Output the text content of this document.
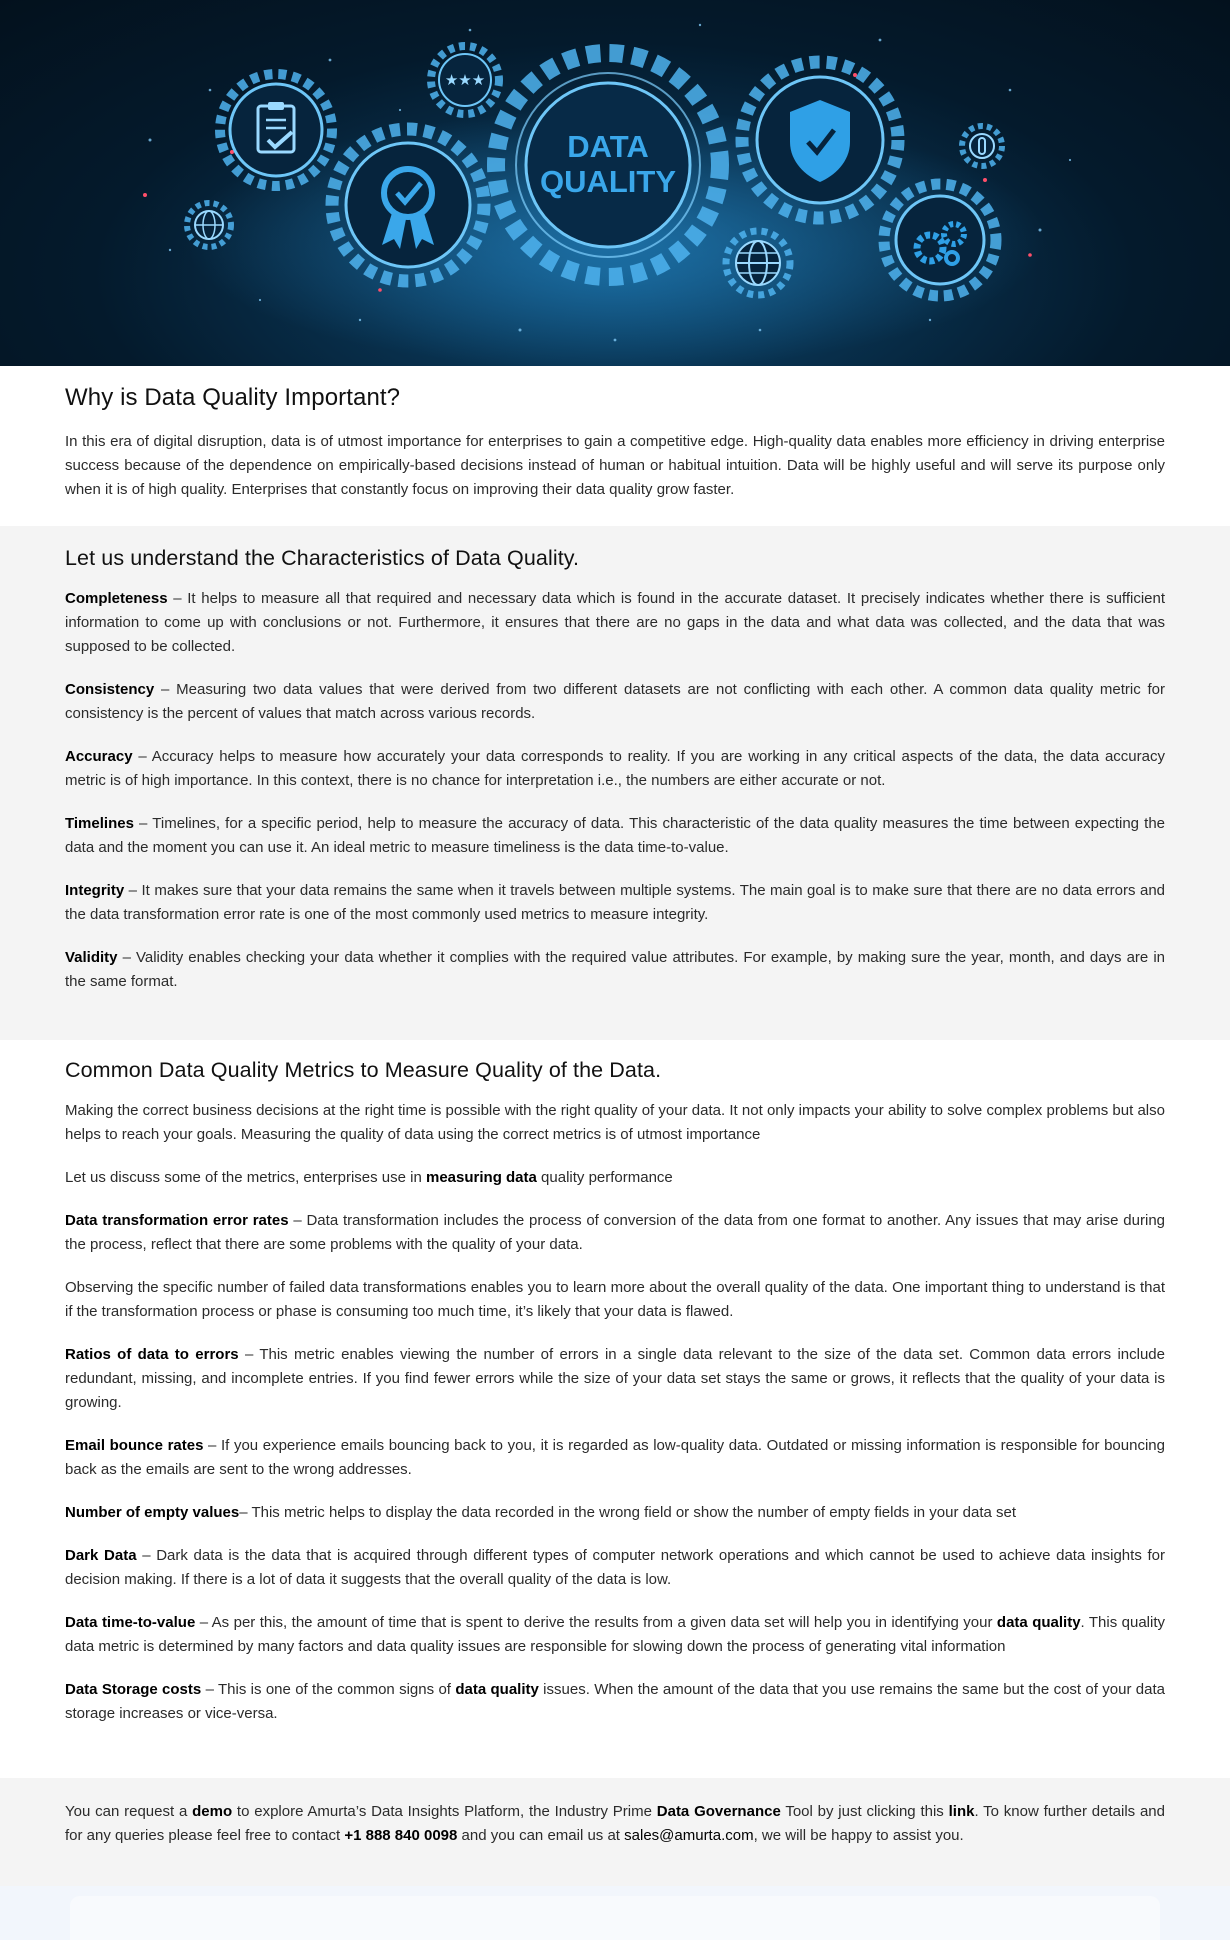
★★★
DATA
QUALITY
Why is Data Quality Important?

In this era of digital disruption, data is of utmost importance for enterprises to gain a competitive edge. High-quality data enables more efficiency in driving enterprise success because of the dependence on empirically-based decisions instead of human or habitual intuition. Data will be highly useful and will serve its purpose only when it is of high quality. Enterprises that constantly focus on improving their data quality grow faster.

Let us understand the Characteristics of Data Quality.

Completeness – It helps to measure all that required and necessary data which is found in the accurate dataset. It precisely indicates whether there is sufficient information to come up with conclusions or not. Furthermore, it ensures that there are no gaps in the data and what data was collected, and the data that was supposed to be collected.

Consistency – Measuring two data values that were derived from two different datasets are not conflicting with each other. A common data quality metric for consistency is the percent of values that match across various records.

Accuracy – Accuracy helps to measure how accurately your data corresponds to reality. If you are working in any critical aspects of the data, the data accuracy metric is of high importance. In this context, there is no chance for interpretation i.e., the numbers are either accurate or not.

Timelines – Timelines, for a specific period, help to measure the accuracy of data. This characteristic of the data quality measures the time between expecting the data and the moment you can use it. An ideal metric to measure timeliness is the data time-to-value.

Integrity – It makes sure that your data remains the same when it travels between multiple systems. The main goal is to make sure that there are no data errors and the data transformation error rate is one of the most commonly used metrics to measure integrity.

Validity – Validity enables checking your data whether it complies with the required value attributes. For example, by making sure the year, month, and days are in the same format.

Common Data Quality Metrics to Measure Quality of the Data.

Making the correct business decisions at the right time is possible with the right quality of your data. It not only impacts your ability to solve complex problems but also helps to reach your goals. Measuring the quality of data using the correct metrics is of utmost importance

Let us discuss some of the metrics, enterprises use in measuring data quality performance

Data transformation error rates – Data transformation includes the process of conversion of the data from one format to another. Any issues that may arise during the process, reflect that there are some problems with the quality of your data.

Observing the specific number of failed data transformations enables you to learn more about the overall quality of the data. One important thing to understand is that if the transformation process or phase is consuming too much time, it’s likely that your data is flawed.

Ratios of data to errors – This metric enables viewing the number of errors in a single data relevant to the size of the data set. Common data errors include redundant, missing, and incomplete entries. If you find fewer errors while the size of your data set stays the same or grows, it reflects that the quality of your data is growing.

Email bounce rates – If you experience emails bouncing back to you, it is regarded as low-quality data. Outdated or missing information is responsible for bouncing back as the emails are sent to the wrong addresses.

Number of empty values– This metric helps to display the data recorded in the wrong field or show the number of empty fields in your data set

Dark Data – Dark data is the data that is acquired through different types of computer network operations and which cannot be used to achieve data insights for decision making. If there is a lot of data it suggests that the overall quality of the data is low.

Data time-to-value – As per this, the amount of time that is spent to derive the results from a given data set will help you in identifying your data quality. This quality data metric is determined by many factors and data quality issues are responsible for slowing down the process of generating vital information

Data Storage costs – This is one of the common signs of data quality issues. When the amount of the data that you use remains the same but the cost of your data storage increases or vice-versa.

You can request a demo to explore Amurta’s Data Insights Platform, the Industry Prime Data Governance Tool by just clicking this link. To know further details and for any queries please feel free to contact +1 888 840 0098 and you can email us at sales@amurta.com, we will be happy to assist you.
